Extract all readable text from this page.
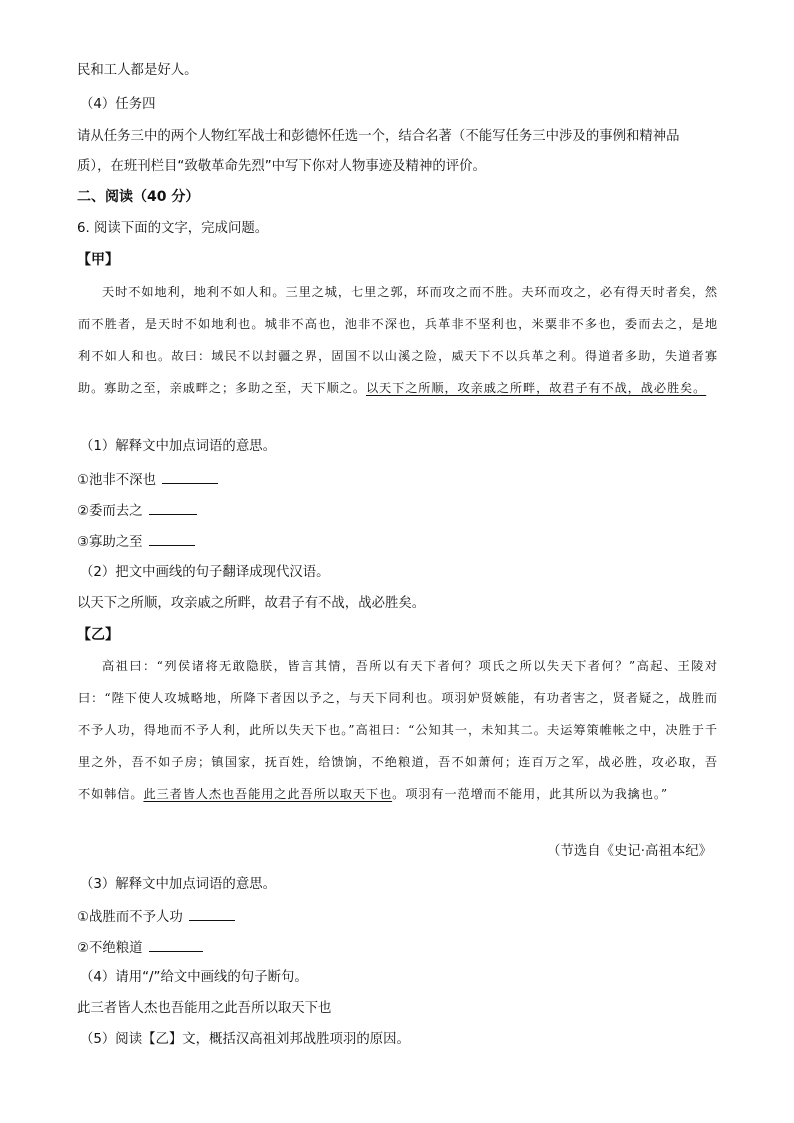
民和工人都是好人。
（4）任务四
请从任务三中的两个人物红军战士和彭德怀任选一个，结合名著（不能写任务三中涉及的事例和精神品
质），在班刊栏目“致敬革命先烈”中写下你对人物事迹及精神的评价。
二、阅读（40 分）
6. 阅读下面的文字，完成问题。
【甲】

天时不如地利，地利不如人和。三里之城，七里之郭，环而攻之而不胜。夫环而攻之，必有得天时者矣，然而不胜者，是天时不如地利也。城非不高也，池非不深也，兵革非不坚利也，米粟非不多也，委而去之，是地利不如人和也。故曰：域民不以封疆之界，固国不以山溪之险，威天下不以兵革之利。得道者多助，失道者寡助。寡助之至，亲戚畔之；多助之至，天下顺之。以天下之所顺，攻亲戚之所畔，故君子有不战，战必胜矣。

（1）解释文中加点词语的意思。
①池非不深也
②委而去之
③寡助之至
（2）把文中画线的句子翻译成现代汉语。
以天下之所顺，攻亲戚之所畔，故君子有不战，战必胜矣。
【乙】

高祖曰：“列侯诸将无敢隐朕，皆言其情，吾所以有天下者何？项氏之所以失天下者何？”高起、王陵对曰：“陛下使人攻城略地，所降下者因以予之，与天下同利也。项羽妒贤嫉能，有功者害之，贤者疑之，战胜而不予人功，得地而不予人利，此所以失天下也。”高祖曰：“公知其一，未知其二。夫运筹策帷帐之中，决胜于千里之外，吾不如子房；镇国家，抚百姓，给馈饷，不绝粮道，吾不如萧何；连百万之军，战必胜，攻必取，吾不如韩信。此三者皆人杰也吾能用之此吾所以取天下也。项羽有一范增而不能用，此其所以为我擒也。”

（节选自《史记·高祖本纪》
（3）解释文中加点词语的意思。
①战胜而不予人功
②不绝粮道
（4）请用“/”给文中画线的句子断句。
此三者皆人杰也吾能用之此吾所以取天下也
（5）阅读【乙】文，概括汉高祖刘邦战胜项羽的原因。
